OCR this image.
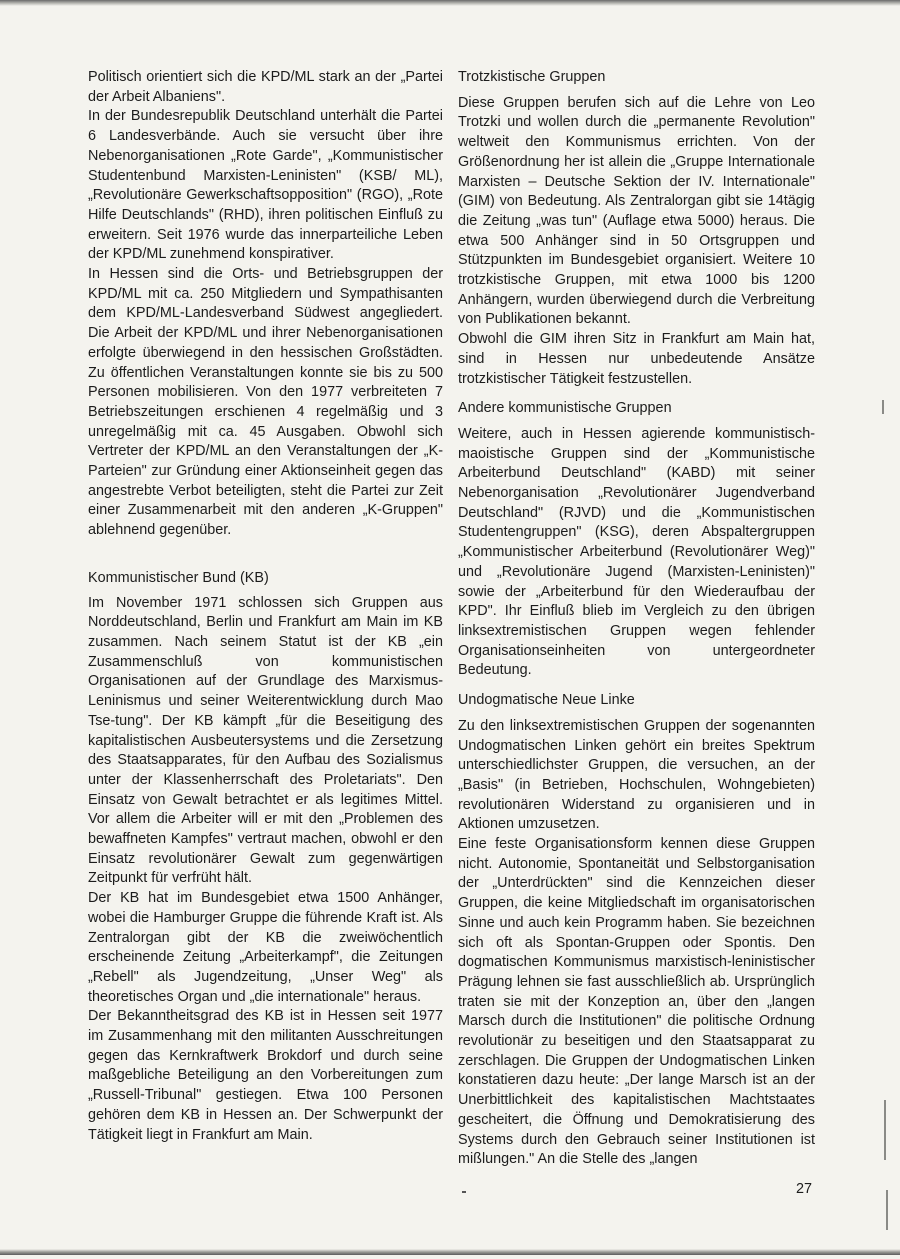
Politisch orientiert sich die KPD/ML stark an der „Partei der Arbeit Albaniens".

In der Bundesrepublik Deutschland unterhält die Partei 6 Landesverbände. Auch sie versucht über ihre Nebenorganisationen „Rote Garde", „Kommunistischer Studentenbund Marxisten-Leninisten" (KSB/ ML), „Revolutionäre Gewerkschaftsopposition" (RGO), „Rote Hilfe Deutschlands" (RHD), ihren politischen Einfluß zu erweitern. Seit 1976 wurde das innerparteiliche Leben der KPD/ML zunehmend konspirativer.

In Hessen sind die Orts- und Betriebsgruppen der KPD/ML mit ca. 250 Mitgliedern und Sympathisanten dem KPD/ML-Landesverband Südwest angegliedert. Die Arbeit der KPD/ML und ihrer Nebenorganisationen erfolgte überwiegend in den hessischen Großstädten. Zu öffentlichen Veranstaltungen konnte sie bis zu 500 Personen mobilisieren. Von den 1977 verbreiteten 7 Betriebszeitungen erschienen 4 regelmäßig und 3 unregelmäßig mit ca. 45 Ausgaben. Obwohl sich Vertreter der KPD/ML an den Veranstaltungen der „K-Parteien" zur Gründung einer Aktionseinheit gegen das angestrebte Verbot beteiligten, steht die Partei zur Zeit einer Zusammenarbeit mit den anderen „K-Gruppen" ablehnend gegenüber.

Kommunistischer Bund (KB)

Im November 1971 schlossen sich Gruppen aus Norddeutschland, Berlin und Frankfurt am Main im KB zusammen. Nach seinem Statut ist der KB „ein Zusammenschluß von kommunistischen Organisationen auf der Grundlage des Marxismus-Leninismus und seiner Weiterentwicklung durch Mao Tse-tung". Der KB kämpft „für die Beseitigung des kapitalistischen Ausbeutersystems und die Zersetzung des Staatsapparates, für den Aufbau des Sozialismus unter der Klassenherrschaft des Proletariats". Den Einsatz von Gewalt betrachtet er als legitimes Mittel. Vor allem die Arbeiter will er mit den „Problemen des bewaffneten Kampfes" vertraut machen, obwohl er den Einsatz revolutionärer Gewalt zum gegenwärtigen Zeitpunkt für verfrüht hält.

Der KB hat im Bundesgebiet etwa 1500 Anhänger, wobei die Hamburger Gruppe die führende Kraft ist. Als Zentralorgan gibt der KB die zweiwöchentlich erscheinende Zeitung „Arbeiterkampf", die Zeitungen „Rebell" als Jugendzeitung, „Unser Weg" als theoretisches Organ und „die internationale" heraus.

Der Bekanntheitsgrad des KB ist in Hessen seit 1977 im Zusammenhang mit den militanten Ausschreitungen gegen das Kernkraftwerk Brokdorf und durch seine maßgebliche Beteiligung an den Vorbereitungen zum „Russell-Tribunal" gestiegen. Etwa 100 Personen gehören dem KB in Hessen an. Der Schwerpunkt der Tätigkeit liegt in Frankfurt am Main.

Trotzkistische Gruppen

Diese Gruppen berufen sich auf die Lehre von Leo Trotzki und wollen durch die „permanente Revolution" weltweit den Kommunismus errichten. Von der Größenordnung her ist allein die „Gruppe Internationale Marxisten – Deutsche Sektion der IV. Internationale" (GIM) von Bedeutung. Als Zentralorgan gibt sie 14tägig die Zeitung „was tun" (Auflage etwa 5000) heraus. Die etwa 500 Anhänger sind in 50 Ortsgruppen und Stützpunkten im Bundesgebiet organisiert. Weitere 10 trotzkistische Gruppen, mit etwa 1000 bis 1200 Anhängern, wurden überwiegend durch die Verbreitung von Publikationen bekannt.

Obwohl die GIM ihren Sitz in Frankfurt am Main hat, sind in Hessen nur unbedeutende Ansätze trotzkistischer Tätigkeit festzustellen.

Andere kommunistische Gruppen

Weitere, auch in Hessen agierende kommunistisch-maoistische Gruppen sind der „Kommunistische Arbeiterbund Deutschland" (KABD) mit seiner Nebenorganisation „Revolutionärer Jugendverband Deutschland" (RJVD) und die „Kommunistischen Studentengruppen" (KSG), deren Abspaltergruppen „Kommunistischer Arbeiterbund (Revolutionärer Weg)" und „Revolutionäre Jugend (Marxisten-Leninisten)" sowie der „Arbeiterbund für den Wiederaufbau der KPD". Ihr Einfluß blieb im Vergleich zu den übrigen linksextremistischen Gruppen wegen fehlender Organisationseinheiten von untergeordneter Bedeutung.

Undogmatische Neue Linke

Zu den linksextremistischen Gruppen der sogenannten Undogmatischen Linken gehört ein breites Spektrum unterschiedlichster Gruppen, die versuchen, an der „Basis" (in Betrieben, Hochschulen, Wohngebieten) revolutionären Widerstand zu organisieren und in Aktionen umzusetzen.

Eine feste Organisationsform kennen diese Gruppen nicht. Autonomie, Spontaneität und Selbstorganisation der „Unterdrückten" sind die Kennzeichen dieser Gruppen, die keine Mitgliedschaft im organisatorischen Sinne und auch kein Programm haben. Sie bezeichnen sich oft als Spontan-Gruppen oder Spontis. Den dogmatischen Kommunismus marxistisch-leninistischer Prägung lehnen sie fast ausschließlich ab. Ursprünglich traten sie mit der Konzeption an, über den „langen Marsch durch die Institutionen" die politische Ordnung revolutionär zu beseitigen und den Staatsapparat zu zerschlagen. Die Gruppen der Undogmatischen Linken konstatieren dazu heute: „Der lange Marsch ist an der Unerbittlichkeit des kapitalistischen Machtstaates gescheitert, die Öffnung und Demokratisierung des Systems durch den Gebrauch seiner Institutionen ist mißlungen." An die Stelle des „langen

27
